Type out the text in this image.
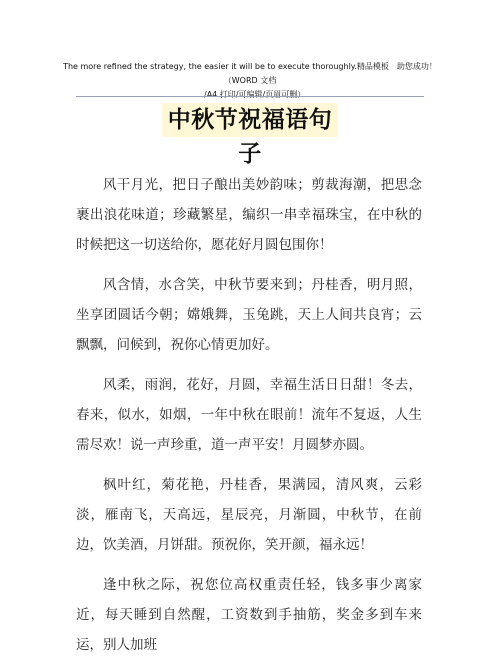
The more refined the strategy, the easier it will be to execute thoroughly.精品模板　助您成功！（WORD 文档

/A4 打印/可编辑/页眉可删）
中秋节祝福语句子

风干月光，把日子酿出美妙韵味；剪裁海潮，把思念裹出浪花味道；珍藏繁星，编织一串幸福珠宝，在中秋的时候把这一切送给你，愿花好月圆包围你！

风含情，水含笑，中秋节要来到；丹桂香，明月照，坐享团圆话今朝；嫦娥舞，玉兔跳，天上人间共良宵；云飘飘，问候到，祝你心情更加好。

风柔，雨润，花好，月圆，幸福生活日日甜！冬去，春来，似水，如烟，一年中秋在眼前！流年不复返，人生需尽欢！说一声珍重，道一声平安！月圆梦亦圆。

枫叶红，菊花艳，丹桂香，果满园，清风爽，云彩淡，雁南飞，天高远，星辰亮，月渐圆，中秋节，在前边，饮美酒，月饼甜。预祝你，笑开颜，福永远！

逢中秋之际，祝您位高权重责任轻，钱多事少离家近，每天睡到自然醒，工资数到手抽筋，奖金多到车来运，别人加班
